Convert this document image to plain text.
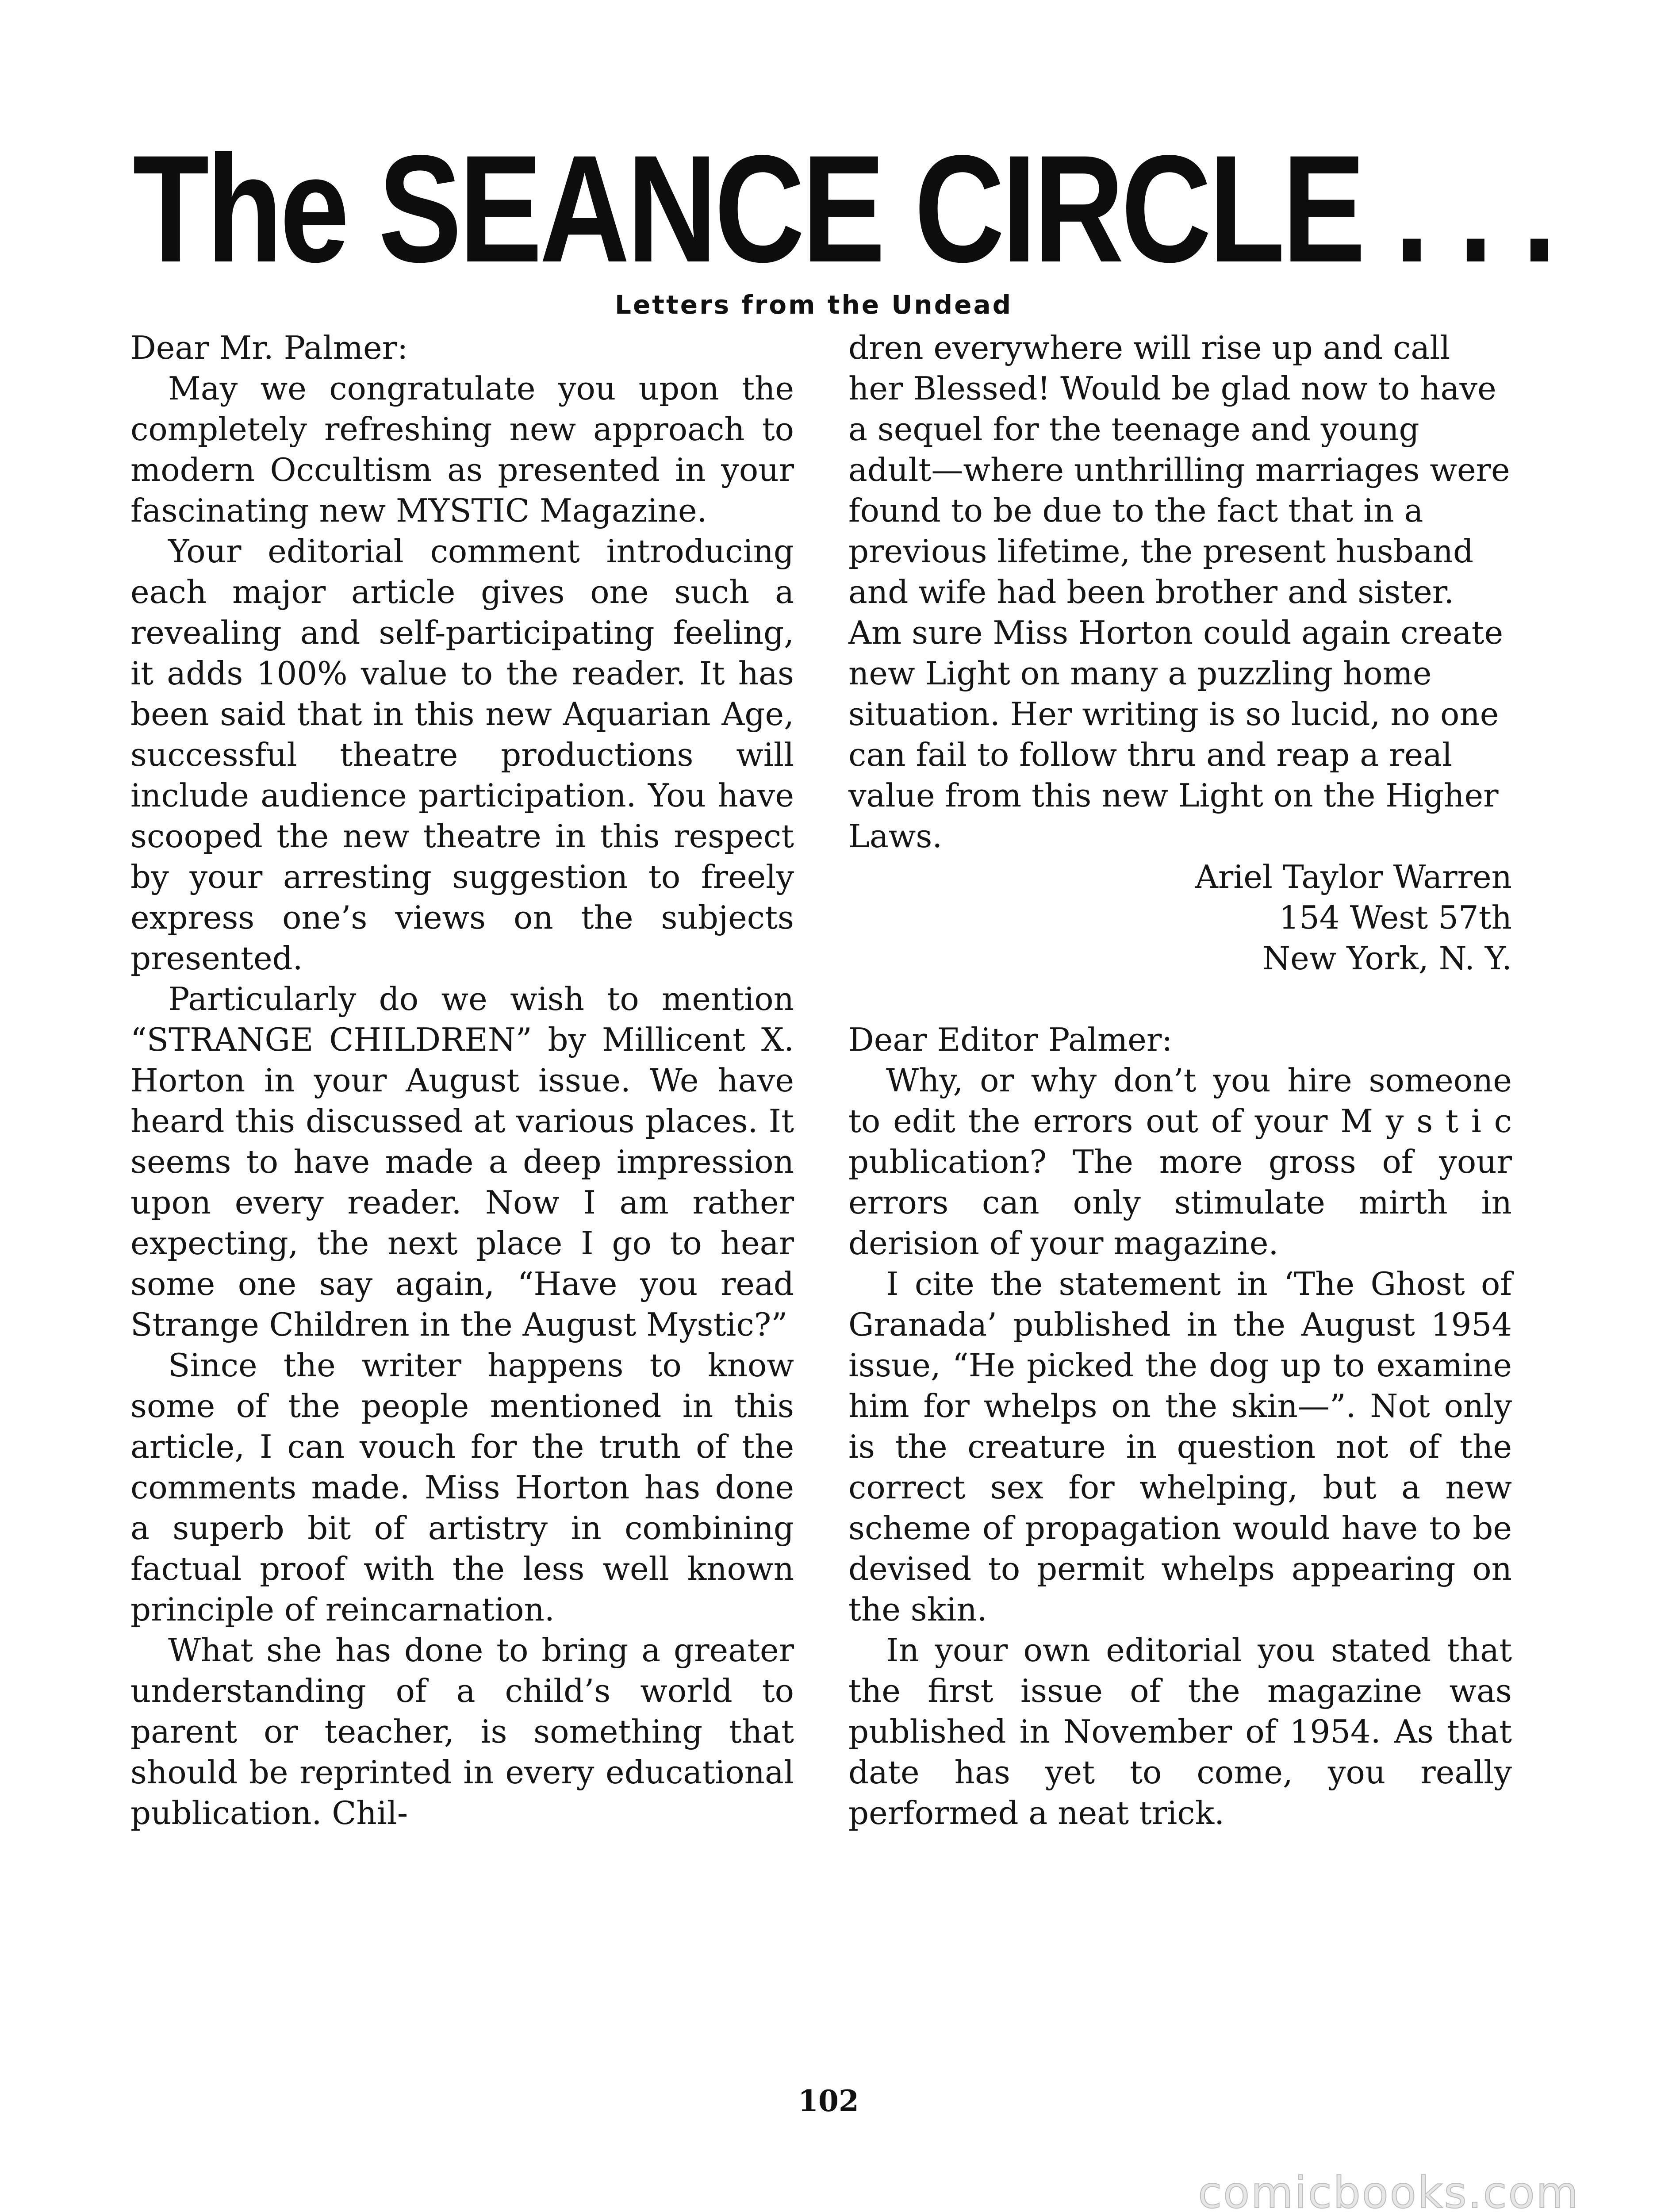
The SEANCE CIRCLE . . .
Letters from the Undead

Dear Mr. Palmer:

May we congratulate you upon the completely refreshing new approach to modern Occultism as presented in your fascinating new MYSTIC Magazine.

Your editorial comment introducing each major article gives one such a revealing and self-participating feeling, it adds 100% value to the reader. It has been said that in this new Aquarian Age, successful theatre productions will include audience participation. You have scooped the new theatre in this respect by your arresting suggestion to freely express one’s views on the subjects presented.

Particularly do we wish to mention “STRANGE CHILDREN” by Millicent X. Horton in your August issue. We have heard this discussed at various places. It seems to have made a deep impression upon every reader. Now I am rather expecting, the next place I go to hear some one say again, “Have you read Strange Children in the August Mystic?”

Since the writer happens to know some of the people mentioned in this article, I can vouch for the truth of the comments made. Miss Horton has done a superb bit of artistry in combining factual proof with the less well known principle of reincarnation.

What she has done to bring a greater understanding of a child’s world to parent or teacher, is something that should be reprinted in every educational publication. Chil-

dren everywhere will rise up and call her Blessed! Would be glad now to have a sequel for the teenage and young adult—where unthrilling marriages were found to be due to the fact that in a previous lifetime, the present husband and wife had been brother and sister. Am sure Miss Horton could again create new Light on many a puzzling home situation. Her writing is so lucid, no one can fail to follow thru and reap a real value from this new Light on the Higher Laws.

Ariel Taylor Warren
154 West 57th
New York, N. Y.

Dear Editor Palmer:

Why, or why don’t you hire someone to edit the errors out of your M y s t i c publication? The more gross of your errors can only stimulate mirth in derision of your magazine.

I cite the statement in ‘The Ghost of Granada’ published in the August 1954 issue, “He picked the dog up to examine him for whelps on the skin—”. Not only is the creature in question not of the correct sex for whelping, but a new scheme of propagation would have to be devised to permit whelps appearing on the skin.

In your own editorial you stated that the first issue of the magazine was published in November of 1954. As that date has yet to come, you really performed a neat trick.

102
comicbooks.com
